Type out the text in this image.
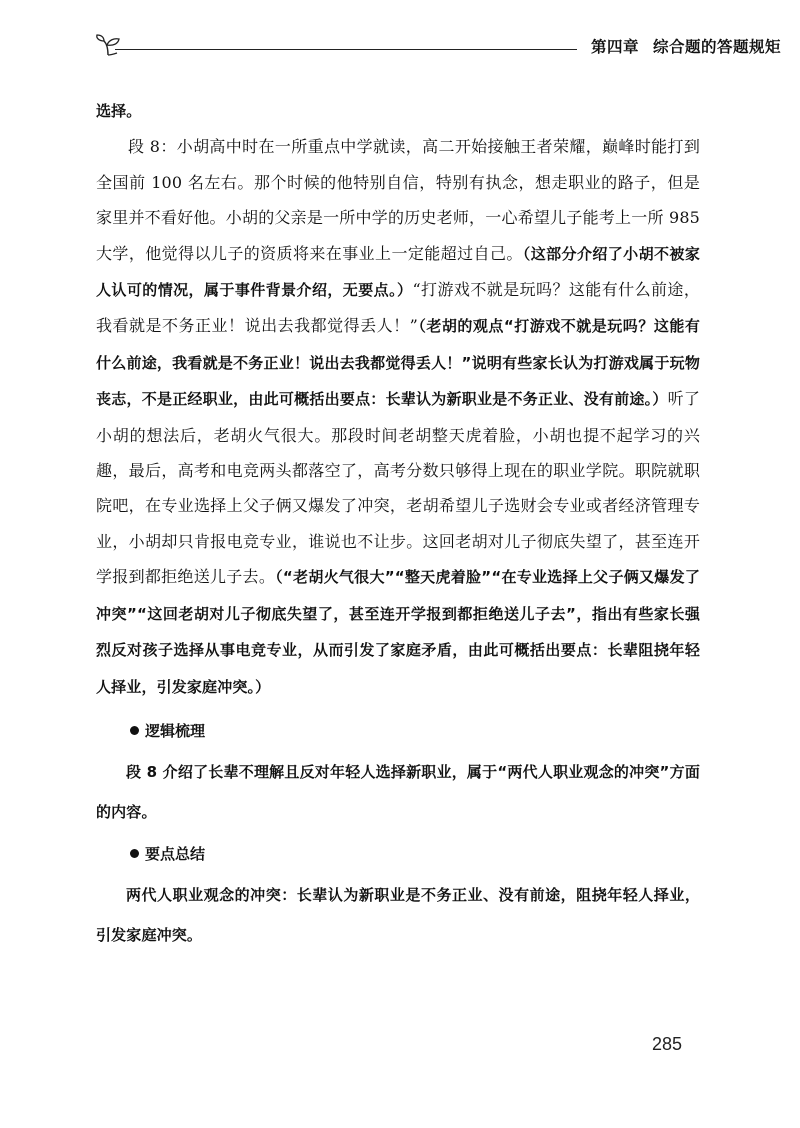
第四章 综合题的答题规矩

选择。

段 8：小胡高中时在一所重点中学就读，高二开始接触王者荣耀，巅峰时能打到全国前 100 名左右。那个时候的他特别自信，特别有执念，想走职业的路子，但是家里并不看好他。小胡的父亲是一所中学的历史老师，一心希望儿子能考上一所 985 大学，他觉得以儿子的资质将来在事业上一定能超过自己。（这部分介绍了小胡不被家人认可的情况，属于事件背景介绍，无要点。）“打游戏不就是玩吗？这能有什么前途，我看就是不务正业！说出去我都觉得丢人！”（老胡的观点“打游戏不就是玩吗？这能有什么前途，我看就是不务正业！说出去我都觉得丢人！”说明有些家长认为打游戏属于玩物丧志，不是正经职业，由此可概括出要点：长辈认为新职业是不务正业、没有前途。）听了小胡的想法后，老胡火气很大。那段时间老胡整天虎着脸，小胡也提不起学习的兴趣，最后，高考和电竞两头都落空了，高考分数只够得上现在的职业学院。职院就职院吧，在专业选择上父子俩又爆发了冲突，老胡希望儿子选财会专业或者经济管理专业，小胡却只肯报电竞专业，谁说也不让步。这回老胡对儿子彻底失望了，甚至连开学报到都拒绝送儿子去。（“老胡火气很大”“整天虎着脸”“在专业选择上父子俩又爆发了冲突”“这回老胡对儿子彻底失望了，甚至连开学报到都拒绝送儿子去”，指出有些家长强烈反对孩子选择从事电竞专业，从而引发了家庭矛盾，由此可概括出要点：长辈阻挠年轻人择业，引发家庭冲突。）

逻辑梳理

段 8 介绍了长辈不理解且反对年轻人选择新职业，属于“两代人职业观念的冲突”方面的内容。

要点总结

两代人职业观念的冲突：长辈认为新职业是不务正业、没有前途，阻挠年轻人择业，引发家庭冲突。

285
